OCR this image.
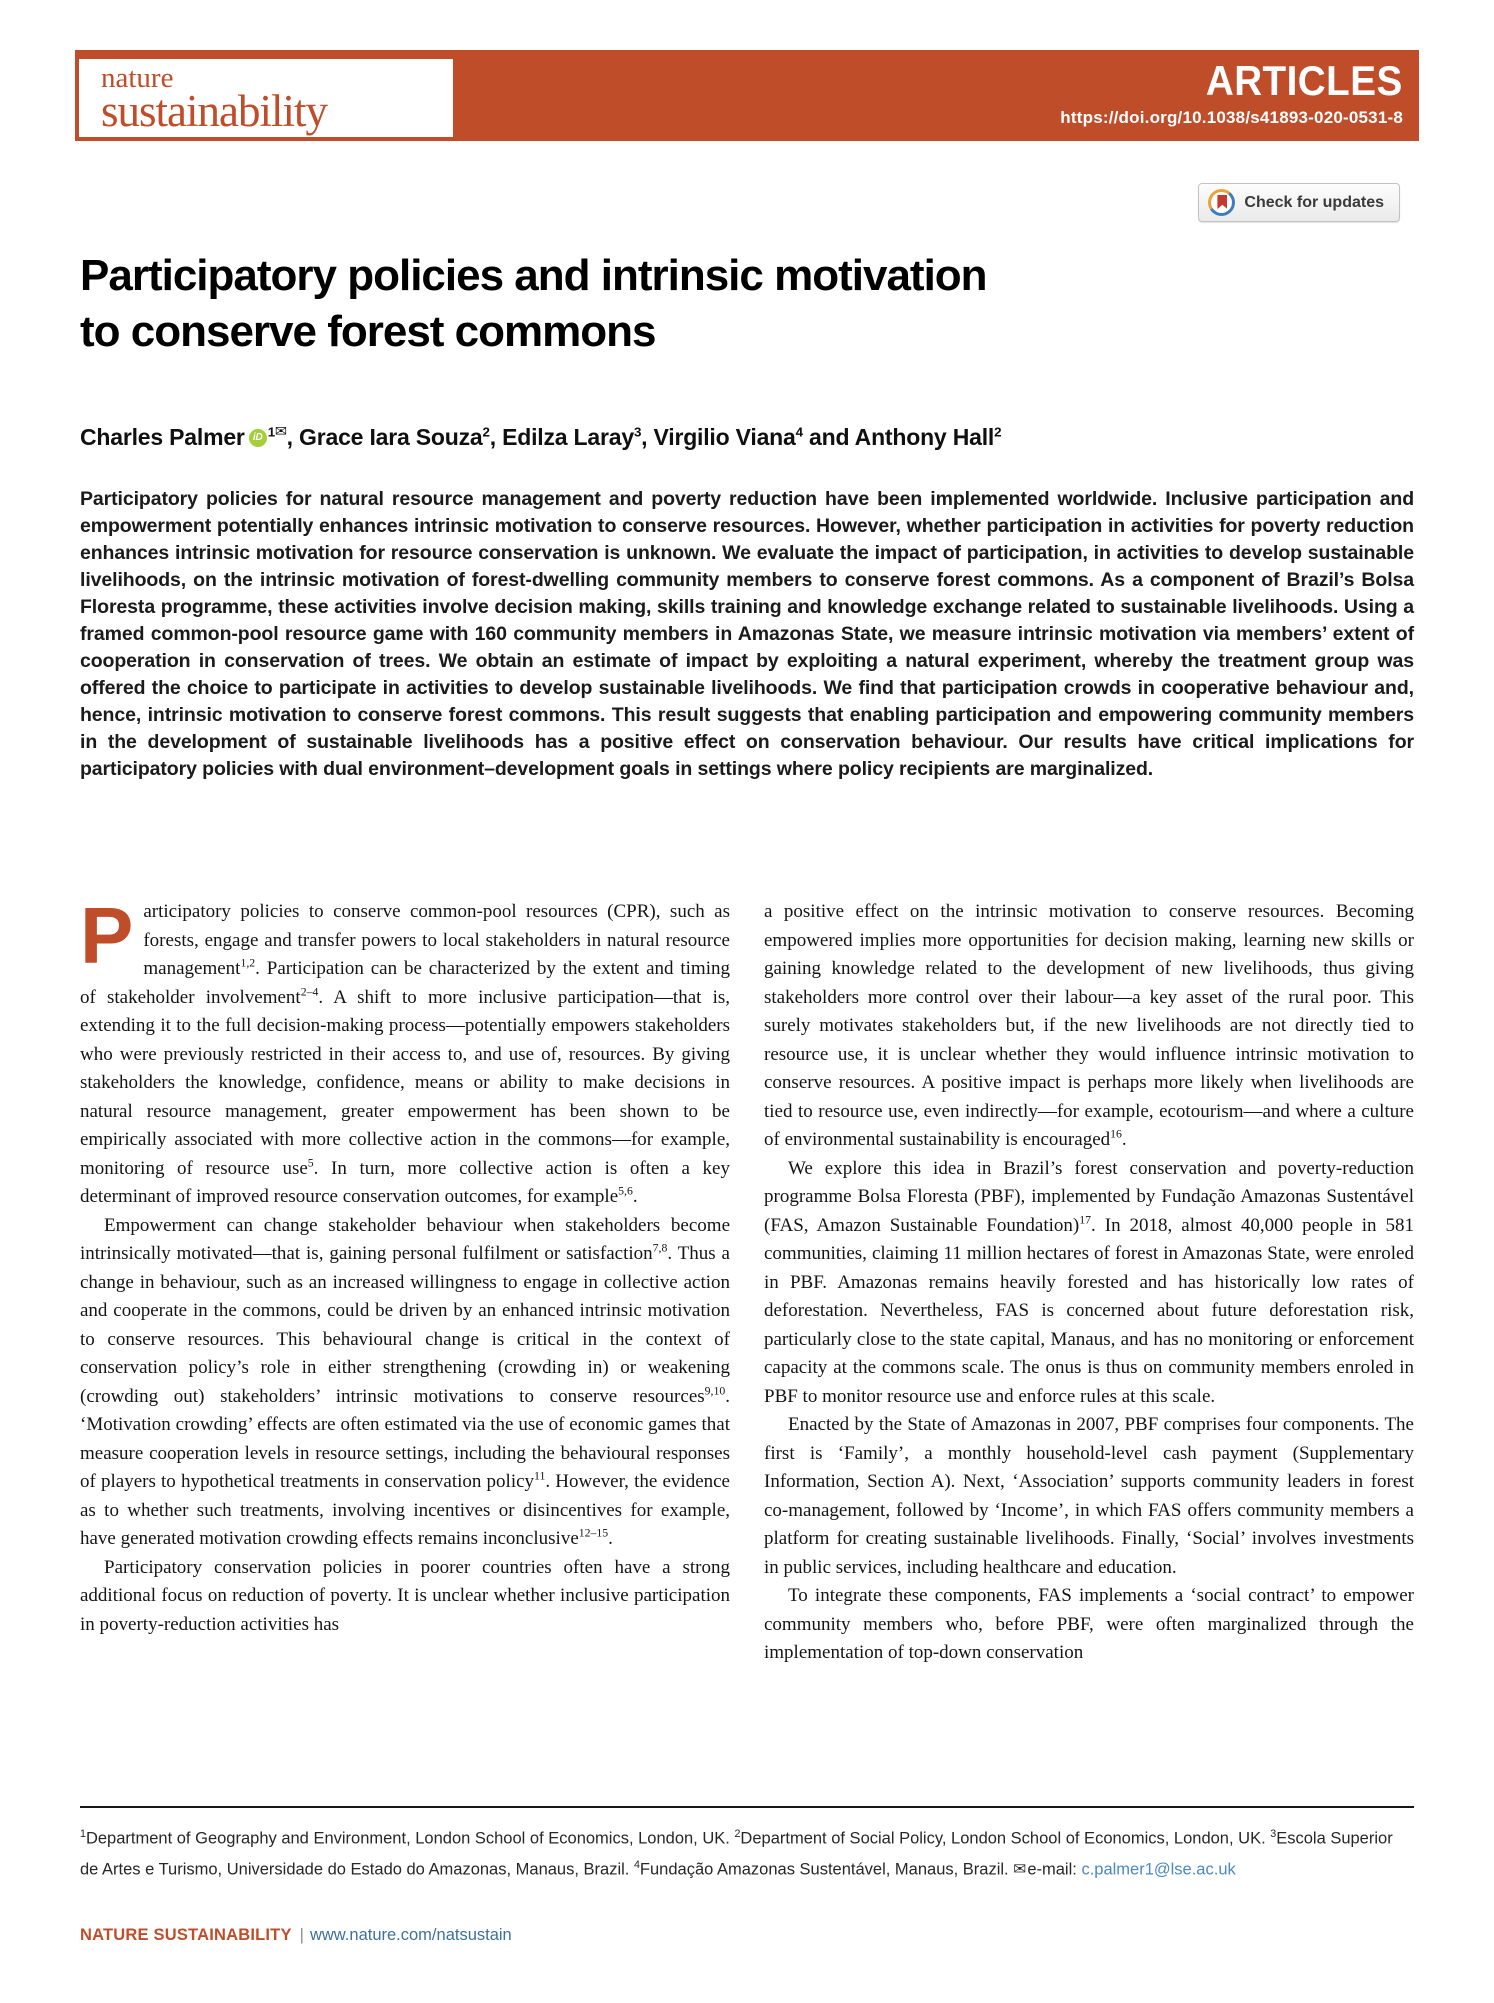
nature
sustainability
ARTICLES
https://doi.org/10.1038/s41893-020-0531-8
Check for updates
Participatory policies and intrinsic motivation
to conserve forest commons
Charles Palmer iD $^{1✉}$, Grace Iara Souza$^2$, Edilza Laray$^3$, Virgilio Viana$^4$ and Anthony Hall$^2$
Participatory policies for natural resource management and poverty reduction have been implemented worldwide. Inclusive participation and empowerment potentially enhances intrinsic motivation to conserve resources. However, whether participation in activities for poverty reduction enhances intrinsic motivation for resource conservation is unknown. We evaluate the impact of participation, in activities to develop sustainable livelihoods, on the intrinsic motivation of forest-dwelling community members to conserve forest commons. As a component of Brazil’s Bolsa Floresta programme, these activities involve decision making, skills training and knowledge exchange related to sustainable livelihoods. Using a framed common-pool resource game with 160 community members in Amazonas State, we measure intrinsic motivation via members’ extent of cooperation in conservation of trees. We obtain an estimate of impact by exploiting a natural experiment, whereby the treatment group was offered the choice to participate in activities to develop sustainable livelihoods. We find that participation crowds in cooperative behaviour and, hence, intrinsic motivation to conserve forest commons. This result suggests that enabling participation and empowering community members in the development of sustainable livelihoods has a positive effect on conservation behaviour. Our results have critical implications for participatory policies with dual environment–development goals in settings where policy recipients are marginalized.

Participatory policies to conserve common-pool resources (CPR), such as forests, engage and transfer powers to local stakeholders in natural resource management$^{1,2}$. Participation can be characterized by the extent and timing of stakeholder involvement$^{2-4}$. A shift to more inclusive participation—that is, extending it to the full decision-making process—potentially empowers stakeholders who were previously restricted in their access to, and use of, resources. By giving stakeholders the knowledge, confidence, means or ability to make decisions in natural resource management, greater empowerment has been shown to be empirically associated with more collective action in the commons—for example, monitoring of resource use$^5$. In turn, more collective action is often a key determinant of improved resource conservation outcomes, for example$^{5,6}$.

Empowerment can change stakeholder behaviour when stakeholders become intrinsically motivated—that is, gaining personal fulfilment or satisfaction$^{7,8}$. Thus a change in behaviour, such as an increased willingness to engage in collective action and cooperate in the commons, could be driven by an enhanced intrinsic motivation to conserve resources. This behavioural change is critical in the context of conservation policy’s role in either strengthening (crowding in) or weakening (crowding out) stakeholders’ intrinsic motivations to conserve resources$^{9,10}$. ‘Motivation crowding’ effects are often estimated via the use of economic games that measure cooperation levels in resource settings, including the behavioural responses of players to hypothetical treatments in conservation policy$^{11}$. However, the evidence as to whether such treatments, involving incentives or disincentives for example, have generated motivation crowding effects remains inconclusive$^{12-15}$.

Participatory conservation policies in poorer countries often have a strong additional focus on reduction of poverty. It is unclear whether inclusive participation in poverty-reduction activities has

a positive effect on the intrinsic motivation to conserve resources. Becoming empowered implies more opportunities for decision making, learning new skills or gaining knowledge related to the development of new livelihoods, thus giving stakeholders more control over their labour—a key asset of the rural poor. This surely motivates stakeholders but, if the new livelihoods are not directly tied to resource use, it is unclear whether they would influence intrinsic motivation to conserve resources. A positive impact is perhaps more likely when livelihoods are tied to resource use, even indirectly—for example, ecotourism—and where a culture of environmental sustainability is encouraged$^{16}$.

We explore this idea in Brazil’s forest conservation and poverty-reduction programme Bolsa Floresta (PBF), implemented by Fundação Amazonas Sustentável (FAS, Amazon Sustainable Foundation)$^{17}$. In 2018, almost 40,000 people in 581 communities, claiming 11 million hectares of forest in Amazonas State, were enroled in PBF. Amazonas remains heavily forested and has historically low rates of deforestation. Nevertheless, FAS is concerned about future deforestation risk, particularly close to the state capital, Manaus, and has no monitoring or enforcement capacity at the commons scale. The onus is thus on community members enroled in PBF to monitor resource use and enforce rules at this scale.

Enacted by the State of Amazonas in 2007, PBF comprises four components. The first is ‘Family’, a monthly household-level cash payment (Supplementary Information, Section A). Next, ‘Association’ supports community leaders in forest co-management, followed by ‘Income’, in which FAS offers community members a platform for creating sustainable livelihoods. Finally, ‘Social’ involves investments in public services, including healthcare and education.

To integrate these components, FAS implements a ‘social contract’ to empower community members who, before PBF, were often marginalized through the implementation of top-down conservation

$^1$Department of Geography and Environment, London School of Economics, London, UK. $^2$Department of Social Policy, London School of Economics, London, UK. $^3$Escola Superior de Artes e Turismo, Universidade do Estado do Amazonas, Manaus, Brazil. $^4$Fundação Amazonas Sustentável, Manaus, Brazil. ✉e-mail: c.palmer1@lse.ac.uk
NATURE SUSTAINABILITY | www.nature.com/natsustain
